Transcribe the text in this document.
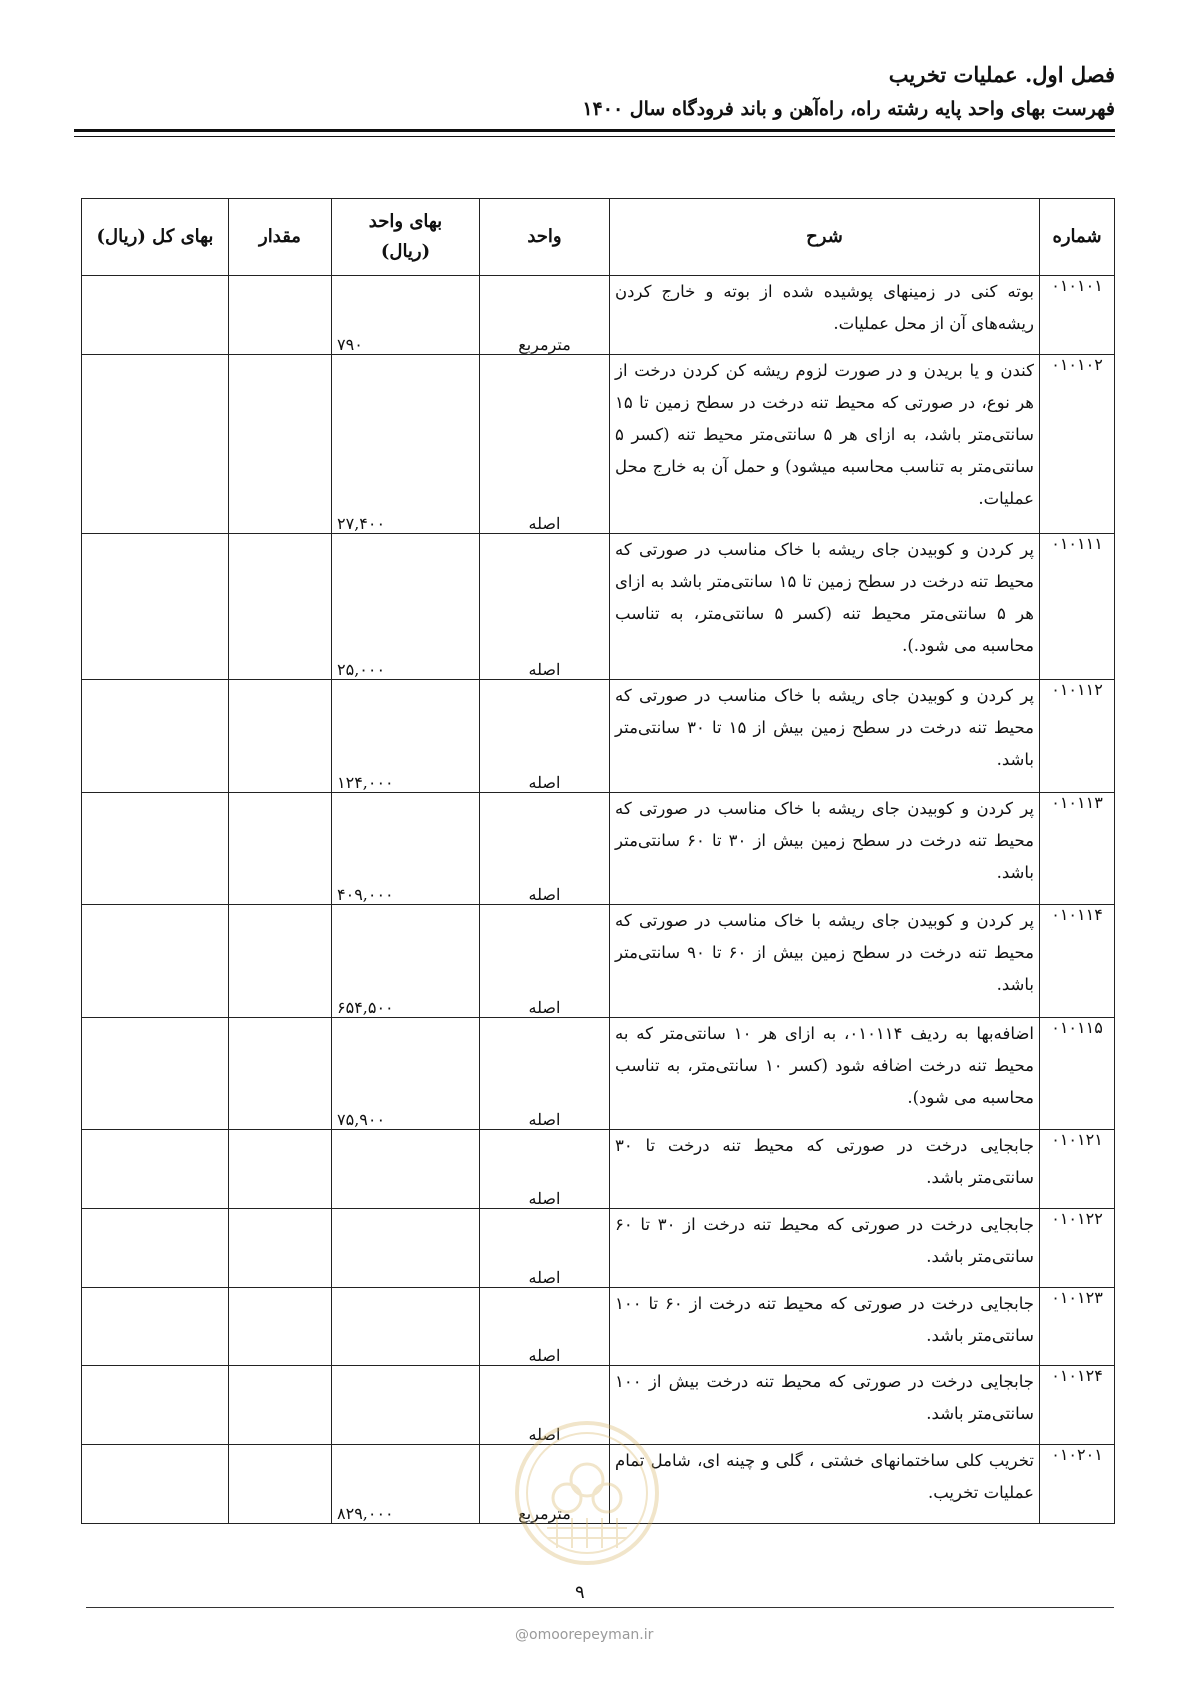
فصل اول. عملیات تخریب
فهرست بهای واحد پایه رشته راه، راه‌آهن و باند فرودگاه سال ۱۴۰۰
شماره	شرح	واحد	بهای واحد (ریال)	مقدار	بهای کل (ریال)
۰۱۰۱۰۱	بوته کنی در زمینهای پوشیده شده از بوته و خارج کردن ریشه‌های آن از محل عملیات.	مترمربع	۷۹۰		
۰۱۰۱۰۲	کندن و یا بریدن و در صورت لزوم ریشه کن کردن درخت از هر نوع، در صورتی که محیط تنه درخت در سطح زمین تا ۱۵ سانتی‌متر باشد، به ازای هر ۵ سانتی‌متر محیط تنه (کسر ۵ سانتی‌متر به تناسب محاسبه میشود) و حمل آن به خارج محل عملیات.	اصله	۲۷,۴۰۰		
۰۱۰۱۱۱	پر کردن و کوبیدن جای ریشه با خاک مناسب در صورتی که محیط تنه درخت در سطح زمین تا ۱۵ سانتی‌متر باشد به ازای هر ۵ سانتی‌متر محیط تنه (کسر ۵ سانتی‌متر، به تناسب محاسبه می شود.).	اصله	۲۵,۰۰۰		
۰۱۰۱۱۲	پر کردن و کوبیدن جای ریشه با خاک مناسب در صورتی که محیط تنه درخت در سطح زمین بیش از ۱۵ تا ۳۰ سانتی‌متر باشد.	اصله	۱۲۴,۰۰۰		
۰۱۰۱۱۳	پر کردن و کوبیدن جای ریشه با خاک مناسب در صورتی که محیط تنه درخت در سطح زمین بیش از ۳۰ تا ۶۰ سانتی‌متر باشد.	اصله	۴۰۹,۰۰۰		
۰۱۰۱۱۴	پر کردن و کوبیدن جای ریشه با خاک مناسب در صورتی که محیط تنه درخت در سطح زمین بیش از ۶۰ تا ۹۰ سانتی‌متر باشد.	اصله	۶۵۴,۵۰۰		
۰۱۰۱۱۵	اضافه‌بها به ردیف ۰۱۰۱۱۴، به ازای هر ۱۰ سانتی‌متر که به محیط تنه درخت اضافه شود (کسر ۱۰ سانتی‌متر، به تناسب محاسبه می شود).	اصله	۷۵,۹۰۰		
۰۱۰۱۲۱	جابجایی درخت در صورتی که محیط تنه درخت تا ۳۰ سانتی‌متر باشد.	اصله			
۰۱۰۱۲۲	جابجایی درخت در صورتی که محیط تنه درخت از ۳۰ تا ۶۰ سانتی‌متر باشد.	اصله			
۰۱۰۱۲۳	جابجایی درخت در صورتی که محیط تنه درخت از ۶۰ تا ۱۰۰ سانتی‌متر باشد.	اصله			
۰۱۰۱۲۴	جابجایی درخت در صورتی که محیط تنه درخت بیش از ۱۰۰ سانتی‌متر باشد.	اصله			
۰۱۰۲۰۱	تخریب کلی ساختمانهای خشتی ، گلی و چینه ای، شامل تمام عملیات تخریب.	مترمربع	۸۲۹,۰۰۰		
۹
@omoorepeyman.ir
